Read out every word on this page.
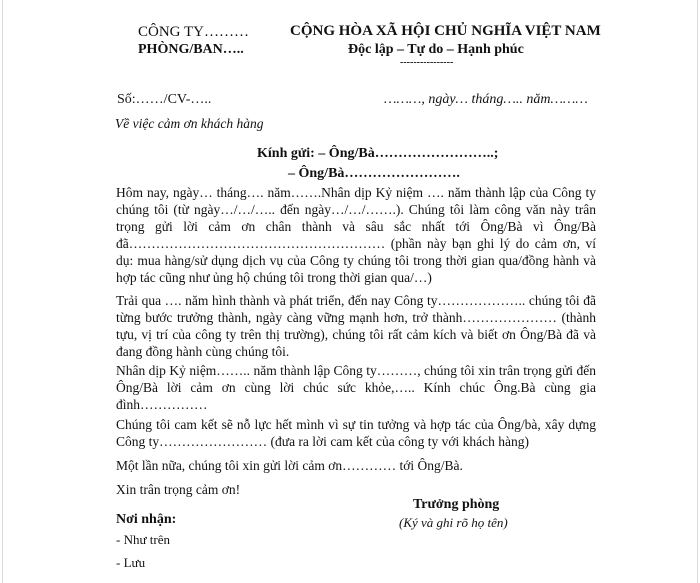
CÔNG TY………
PHÒNG/BAN…..
CỘNG HÒA XÃ HỘI CHỦ NGHĨA VIỆT NAM
Độc lập – Tự do – Hạnh phúc
----------------
Số:……/CV-…..	………, ngày… tháng….. năm………
Về việc cảm ơn khách hàng
Kính gửi: – Ông/Bà……………………..;
– Ông/Bà…………………….
Hôm nay, ngày… tháng…. năm…….Nhân dịp Kỷ niệm …. năm thành lập của Công ty chúng tôi (từ ngày…/…/….. đến ngày…/…/…….). Chúng tôi làm công văn này trân trọng gửi lời cảm ơn chân thành và sâu sắc nhất tới Ông/Bà vì Ông/Bà đã………………………………………………… (phần này bạn ghi lý do cảm ơn, ví dụ: mua hàng/sử dụng dịch vụ của Công ty chúng tôi trong thời gian qua/đồng hành và hợp tác cũng như ủng hộ chúng tôi trong thời gian qua/…)
Trải qua …. năm hình thành và phát triển, đến nay Công ty……………….. chúng tôi đã từng bước trưởng thành, ngày càng vững mạnh hơn, trở thành………………… (thành tựu, vị trí của công ty trên thị trường), chúng tôi rất cảm kích và biết ơn Ông/Bà đã và đang đồng hành cùng chúng tôi.
Nhân dịp Kỷ niệm…….. năm thành lập Công ty………, chúng tôi xin trân trọng gửi đến Ông/Bà lời cảm ơn cùng lời chúc sức khỏe,….. Kính chúc Ông.Bà cùng gia đình……………
Chúng tôi cam kết sẽ nỗ lực hết mình vì sự tin tưởng và hợp tác của Ông/bà, xây dựng Công ty…………………… (đưa ra lời cam kết của công ty với khách hàng)
Một lần nữa, chúng tôi xin gửi lời cảm ơn………… tới Ông/Bà.
Xin trân trọng cảm ơn!
Nơi nhận:
- Như trên
- Lưu
Trưởng phòng
(Ký và ghi rõ họ tên)
